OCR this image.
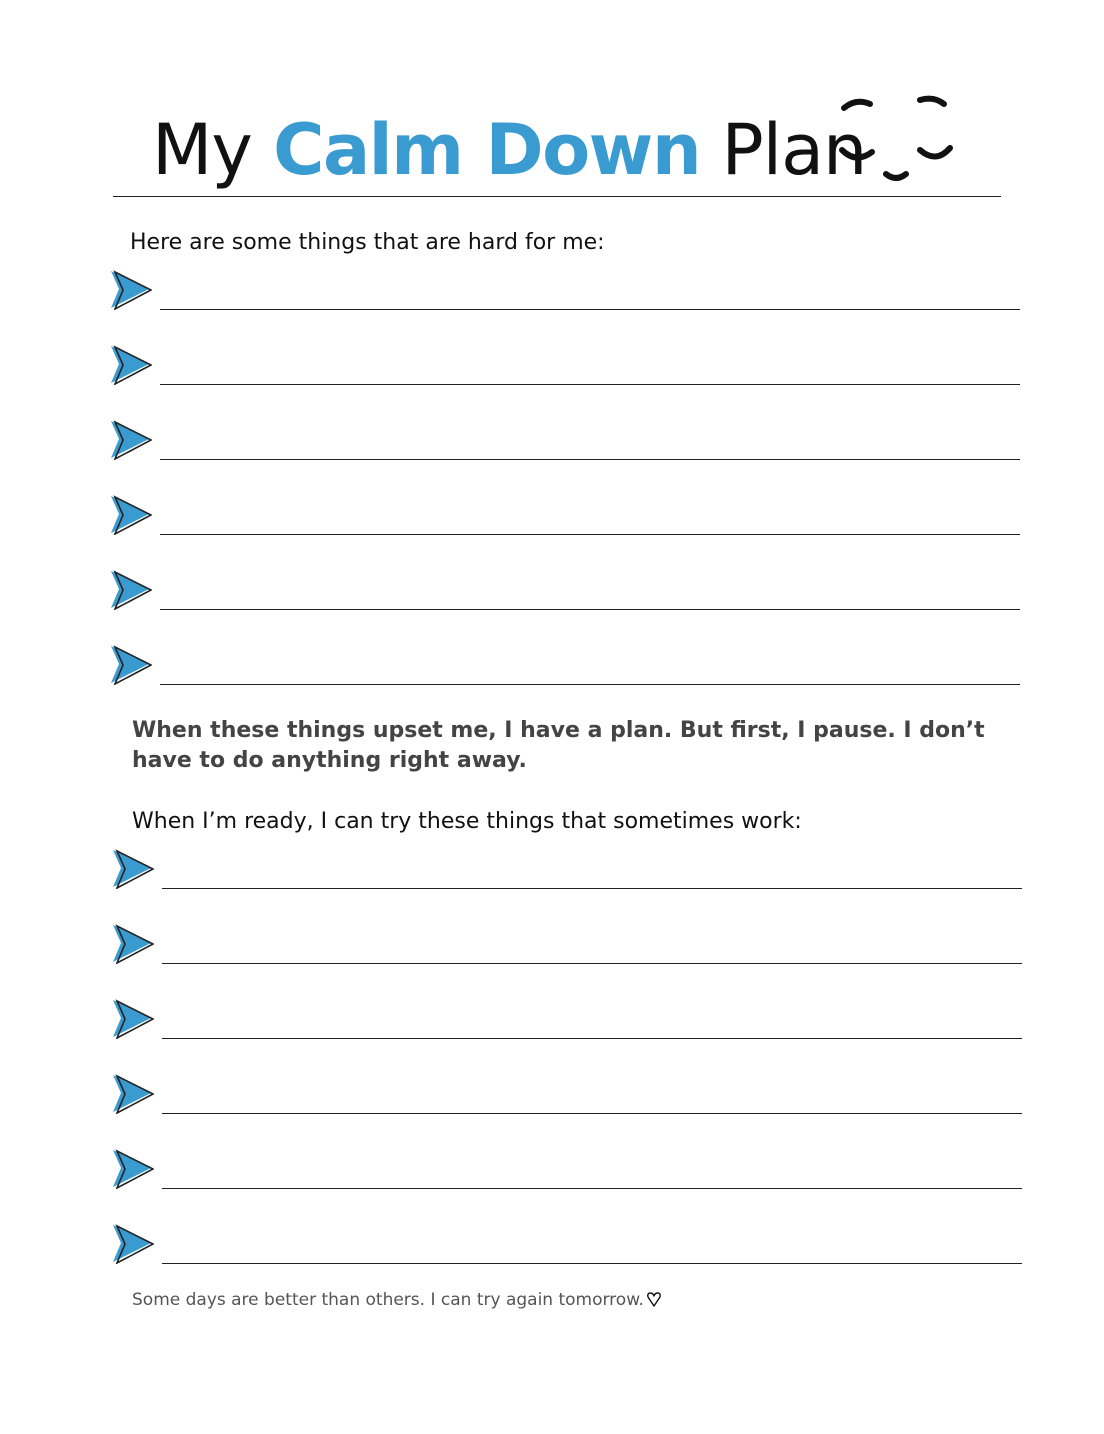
My Calm Down Plan

Here are some things that are hard for me:

When these things upset me, I have a plan. But first, I pause. I don’t have to do anything right away.

When I’m ready, I can try these things that sometimes work:

Some days are better than others. I can try again tomorrow.
